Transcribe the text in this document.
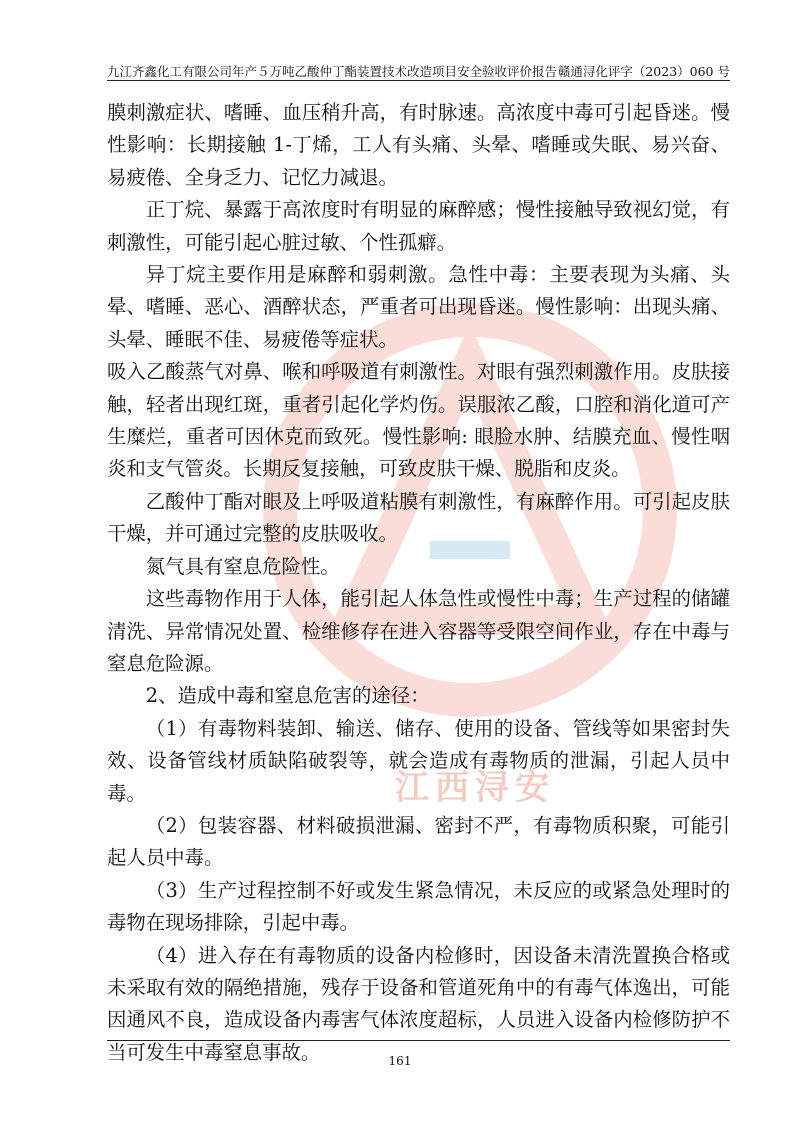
九江齐鑫化工有限公司年产５万吨乙酸仲丁酯装置技术改造项目安全验收评价报告 赣通浔化评字（2023）060 号
江西浔安

膜刺激症状、嗜睡、血压稍升高，有时脉速。高浓度中毒可引起昏迷。慢性影响：长期接触 1-丁烯，工人有头痛、头晕、嗜睡或失眠、易兴奋、易疲倦、全身乏力、记忆力减退。

正丁烷、暴露于高浓度时有明显的麻醉感；慢性接触导致视幻觉，有刺激性，可能引起心脏过敏、个性孤癖。

异丁烷主要作用是麻醉和弱刺激。急性中毒：主要表现为头痛、头晕、嗜睡、恶心、酒醉状态，严重者可出现昏迷。慢性影响：出现头痛、头晕、睡眠不佳、易疲倦等症状。

吸入乙酸蒸气对鼻、喉和呼吸道有刺激性。对眼有强烈刺激作用。皮肤接触，轻者出现红斑，重者引起化学灼伤。误服浓乙酸，口腔和消化道可产生糜烂，重者可因休克而致死。慢性影响: 眼脸水肿、结膜充血、慢性咽炎和支气管炎。长期反复接触，可致皮肤干燥、脱脂和皮炎。

乙酸仲丁酯对眼及上呼吸道粘膜有刺激性，有麻醉作用。可引起皮肤干燥，并可通过完整的皮肤吸收。

氮气具有窒息危险性。

这些毒物作用于人体，能引起人体急性或慢性中毒；生产过程的储罐清洗、异常情况处置、检维修存在进入容器等受限空间作业，存在中毒与窒息危险源。

2、造成中毒和窒息危害的途径：

（1）有毒物料装卸、输送、储存、使用的设备、管线等如果密封失效、设备管线材质缺陷破裂等，就会造成有毒物质的泄漏，引起人员中毒。

（2）包装容器、材料破损泄漏、密封不严，有毒物质积聚，可能引起人员中毒。

（3）生产过程控制不好或发生紧急情况，未反应的或紧急处理时的毒物在现场排除，引起中毒。

（4）进入存在有毒物质的设备内检修时，因设备未清洗置换合格或未采取有效的隔绝措施，残存于设备和管道死角中的有毒气体逸出，可能因通风不良，造成设备内毒害气体浓度超标，人员进入设备内检修防护不当可发生中毒窒息事故。	161
